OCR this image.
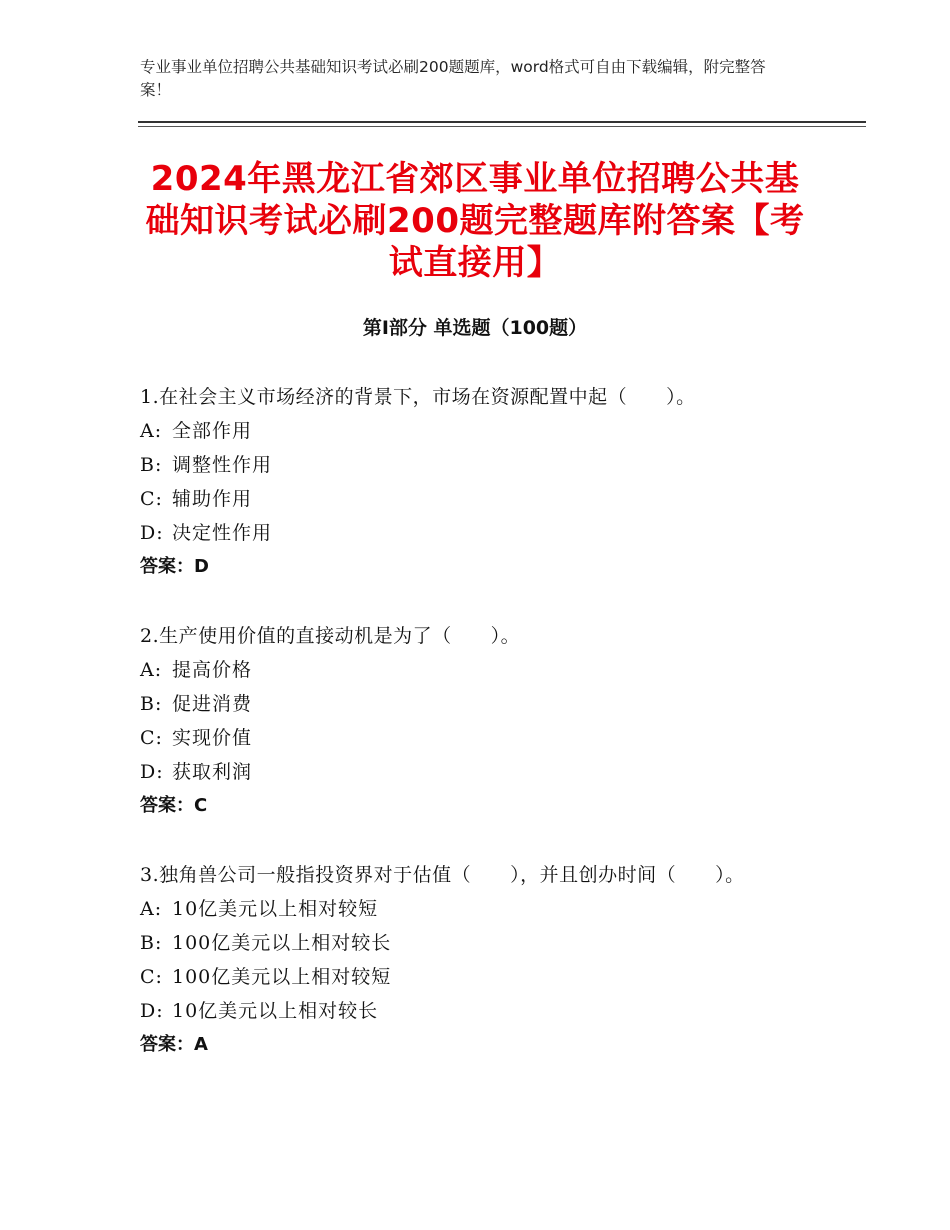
专业事业单位招聘公共基础知识考试必刷200题题库，word格式可自由下载编辑，附完整答案！
2024年黑龙江省郊区事业单位招聘公共基础知识考试必刷200题完整题库附答案【考试直接用】
第Ⅰ部分 单选题（100题）
1.在社会主义市场经济的背景下，市场在资源配置中起（　　）。
A: 全部作用
B: 调整性作用
C: 辅助作用
D: 决定性作用
答案：D
2.生产使用价值的直接动机是为了（　　）。
A: 提高价格
B: 促进消费
C: 实现价值
D: 获取利润
答案：C
3.独角兽公司一般指投资界对于估值（　　），并且创办时间（　　）。
A: 10亿美元以上相对较短
B: 100亿美元以上相对较长
C: 100亿美元以上相对较短
D: 10亿美元以上相对较长
答案：A
